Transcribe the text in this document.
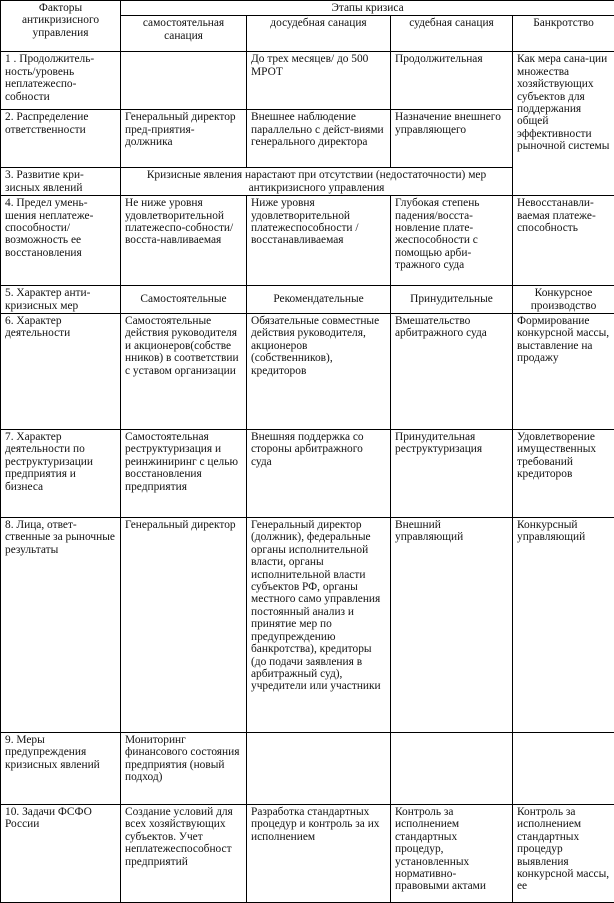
Факторы антикризисного управления	Этапы кризиса			
	самостоятельная санация	досудебная санация	судебная санация	Банкротство
1 . Продолжитель-ность/уровень неплатежеспо-собности		До трех месяцев/ до 500 МРОТ	Продолжительная	Как мера сана-ции множества хозяйствующих субъектов для поддержания общей эффективности рыночной системы
2. Распределение ответственности	Генеральный директор пред-приятия-должника	Внешнее наблюдение параллельно с дейст-виями генерального директора	Назначение внешнего управляющего	
3. Развитие кри-зисных явлений	Кризисные явления нарастают при отсутствии (недостаточности) мер антикризисного управления			
4. Предел умень-шения неплатеже-способности/ возможность ее восстановления	Не ниже уровня удовлетворительной платежеспо-собности/восста-навливаемая	Ниже уровня удовлетворительной платежеспособности / восстанавливаемая	Глубокая степень падения/восста-новление плате-жеспособности с помощью арби-тражного суда	Невосстанавли-ваемая платеже-способность
5. Характер анти-кризисных мер	Самостоятельные	Рекомендательные	Принудительные	Конкурсное производство
6. Характер деятельности	Самостоятельные действия руководителя и акционеров(собстве нников) в соответствии с уставом организации	Обязательные совместные действия руководителя, акционеров (собственников), кредиторов	Вмешательство арбитражного суда	Формирование конкурсной массы, выставление на продажу
7. Характер деятельности по реструктуризации предприятия и бизнеса	Самостоятельная реструктуризация и реинжиниринг с целью восстановления предприятия	Внешняя поддержка со стороны арбитражного суда	Принудительная реструктуризация	Удовлетворение имущественных требований кредиторов
8. Лица, ответ-ственные за рыночные результаты	Генеральный директор	Генеральный директор (должник), федеральные органы исполнительной власти, органы исполнительной власти субъектов РФ, органы местного само управления постоянный анализ и принятие мер по предупреждению банкротства), кредиторы (до подачи заявления в арбитражный суд), учредители или участники	Внешний управляющий	Конкурсный управляющий
9. Меры предупреждения кризисных явлений	Мониторинг финансового состояния предприятия (новый подход)			
10. Задачи ФСФО России	Создание условий для всех хозяйствующих субъектов. Учет неплатежеспособност предприятий	Разработка стандартных процедур и контроль за их исполнением	Контроль за исполнением стандартных процедур, установленных нормативно-правовыми актами	Контроль за исполнением стандартных процедур выявления конкурсной массы, ее
